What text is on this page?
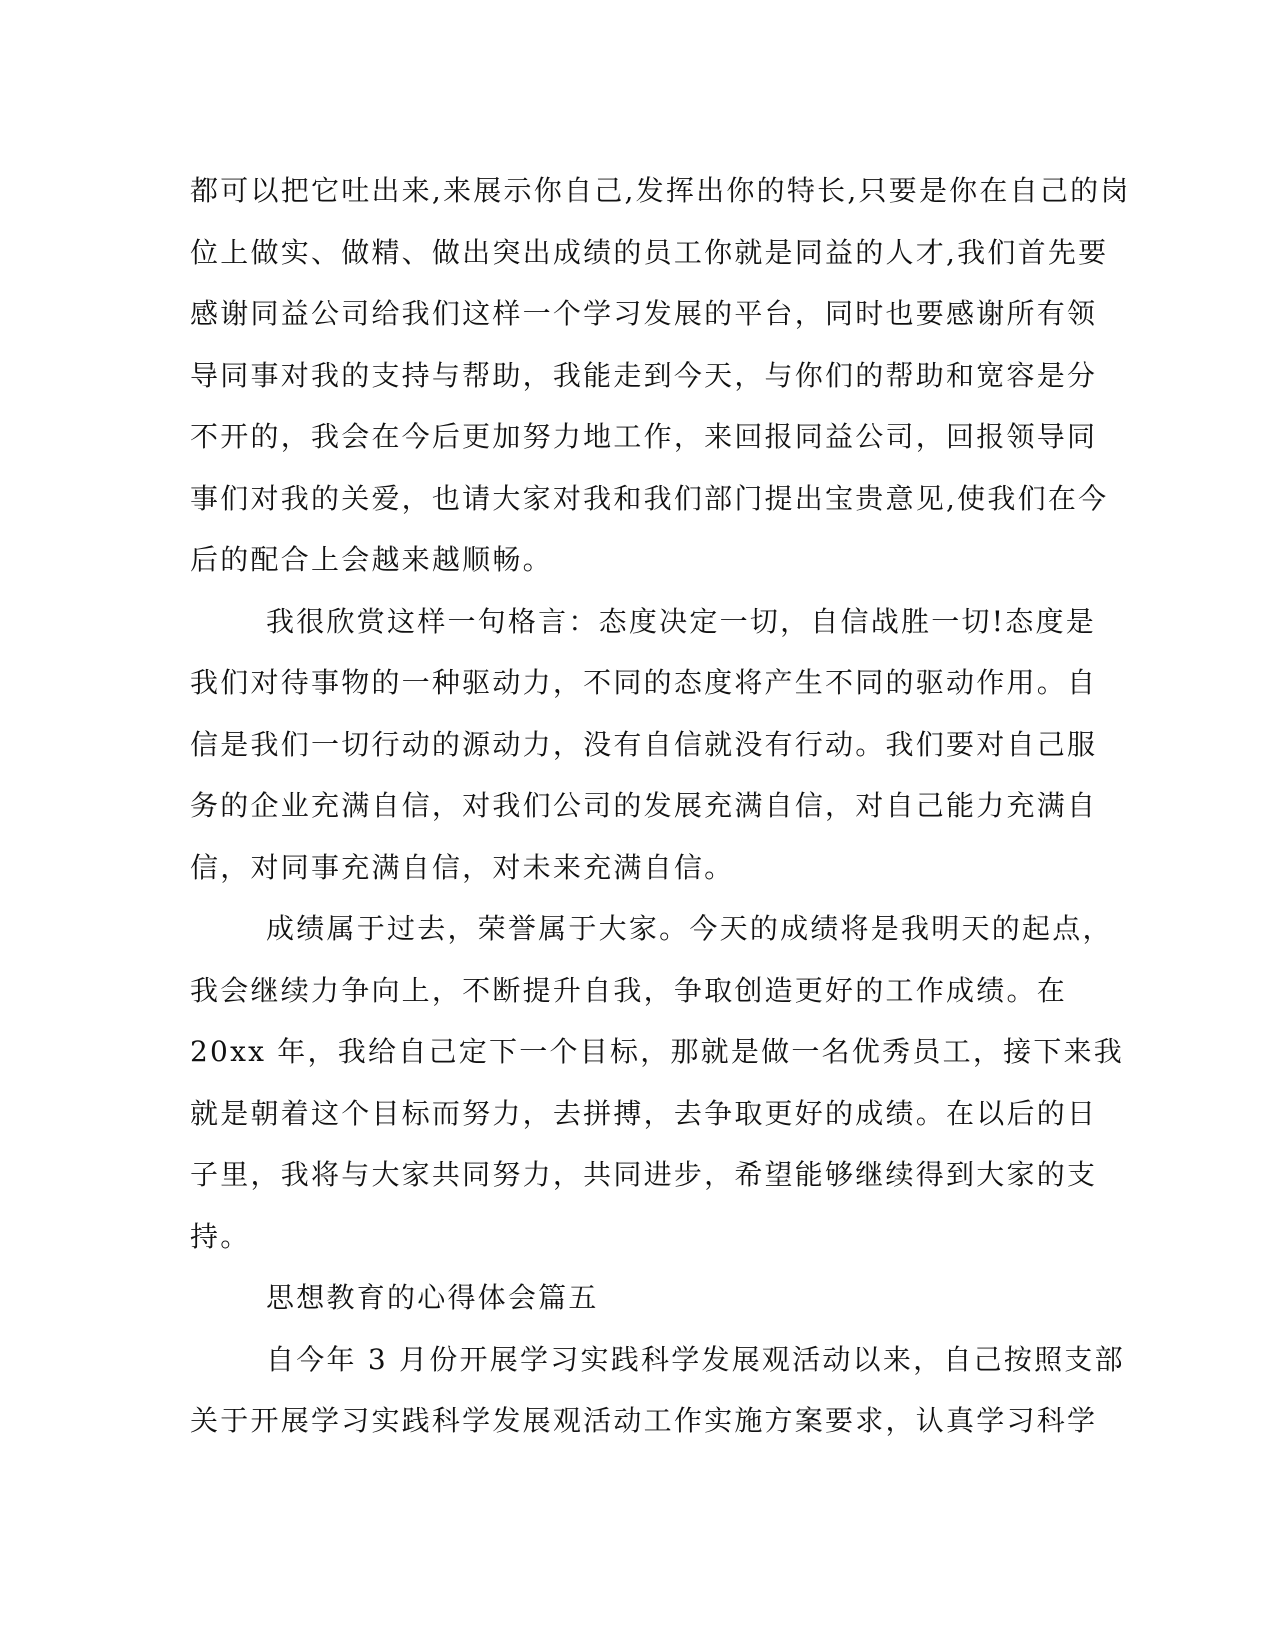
都可以把它吐出来,来展示你自己,发挥出你的特长,只要是你在自己的岗
位上做实、做精、做出突出成绩的员工你就是同益的人才,我们首先要
感谢同益公司给我们这样一个学习发展的平台，同时也要感谢所有领
导同事对我的支持与帮助，我能走到今天，与你们的帮助和宽容是分
不开的，我会在今后更加努力地工作，来回报同益公司，回报领导同
事们对我的关爱，也请大家对我和我们部门提出宝贵意见,使我们在今
后的配合上会越来越顺畅。
我很欣赏这样一句格言：态度决定一切，自信战胜一切!态度是
我们对待事物的一种驱动力，不同的态度将产生不同的驱动作用。自
信是我们一切行动的源动力，没有自信就没有行动。我们要对自己服
务的企业充满自信，对我们公司的发展充满自信，对自己能力充满自
信，对同事充满自信，对未来充满自信。
成绩属于过去，荣誉属于大家。今天的成绩将是我明天的起点，
我会继续力争向上，不断提升自我，争取创造更好的工作成绩。在
20xx 年，我给自己定下一个目标，那就是做一名优秀员工，接下来我
就是朝着这个目标而努力，去拼搏，去争取更好的成绩。在以后的日
子里，我将与大家共同努力，共同进步，希望能够继续得到大家的支
持。
思想教育的心得体会篇五
自今年 3 月份开展学习实践科学发展观活动以来，自己按照支部
关于开展学习实践科学发展观活动工作实施方案要求，认真学习科学
